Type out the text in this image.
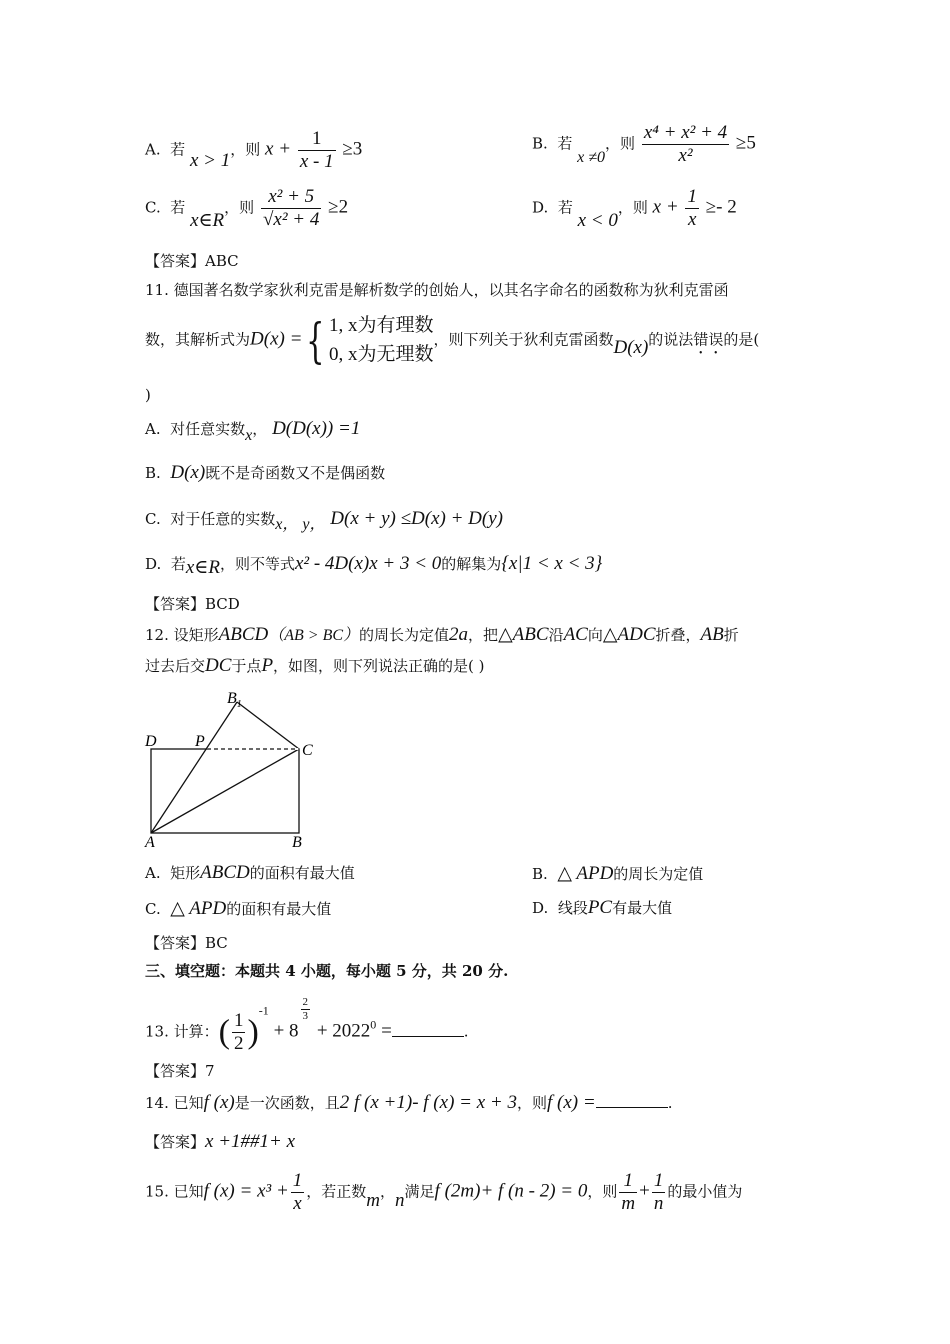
A. 若 x > 1，则 $x + \frac{1}{x - 1} \ge 3$	B. 若 x ≠0，则 $\frac{\text{x⁴ + x² + 4}}{\text{x²}} \ge 5$
C. 若 x∈R，则 $\frac{\text{x² + 5}}{\text{√x² + 4}} \ge 2$	D. 若 x < 0，则 $x + \frac{1}{x} \ge- 2$
【答案】ABC
11. 德国著名数学家狄利克雷是解析数学的创始人，以其名字命名的函数称为狄利克雷函
数，其解析式为D(x) ={ 1, x为有理数
0, x为无理数
，则下列关于狄利克雷函数D(x)的说法错误的是(
)
A. 对任意实数x， D(D(x)) =1
B. D(x)既不是奇函数又不是偶函数
C. 对于任意的实数x， y， D(x + y) ≤D(x) + D(y)
D. 若x∈R，则不等式x² - 4D(x)x + 3 < 0的解集为{x|1 < x < 3}
【答案】BCD
12. 设矩形ABCD（AB > BC）的周长为定值2a，把△ABC沿AC向△ADC折叠，AB折
过去后交DC于点P，如图，则下列说法正确的是( )
$B_1$
D P
C
A	B
A. 矩形ABCD的面积有最大值	B. △ APD的周长为定值
C. △ APD的面积有最大值	D. 线段PC有最大值
【答案】BC
三、填空题：本题共 4 小题，每小题 5 分，共 20 分.
13. 计算：( $\frac{1}{2} )^{-1} + 8$
$\frac{2}{3}$
+ $2022^0$ =	.
【答案】7
14. 已知f (x)是一次函数，且2 f (x +1)- f (x) = x + 3，则f (x) =	.
【答案】x +1##1+ x
15. 已知f $(x) = x^3 + \frac{1}{x}$ ，若正数m，n满足f (2m)+ f (n - 2) = 0，则 $\frac{1}{m} + \frac{1}{n}$ 的最小值为
